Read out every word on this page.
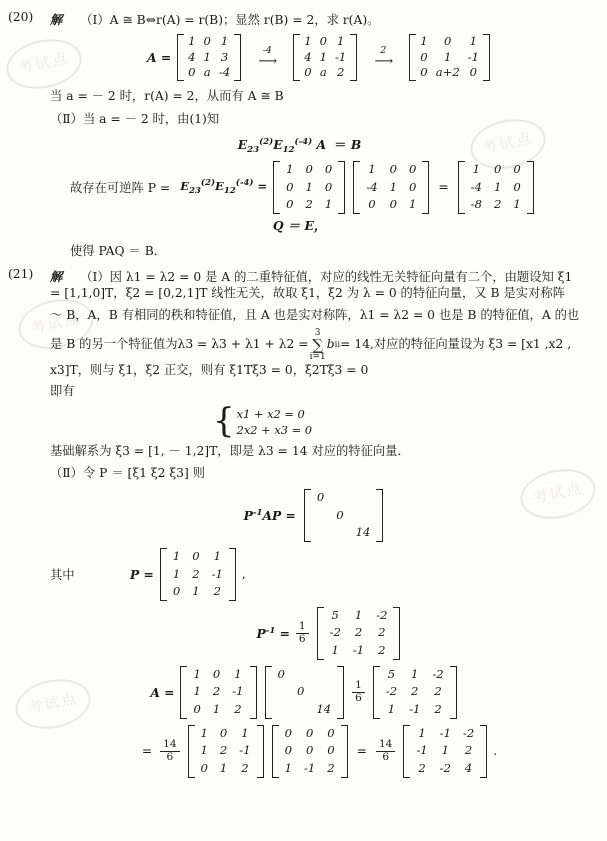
考试点
考试点
考试点
考试点
考试点
(20)	解 （Ⅰ）A ≅ B⇔r(A) = r(B)；显然 r(B) = 2，求 r(A)。
A =
1	0	1
4	1	3
0	a	-4
-4
⟶
1	0	1
4	1	-1
0	a	2
2
⟶
1	0	1
0	1	-1
0	a+2	0

当 a = － 2 时，r(A) = 2，从而有 A ≅ B

（Ⅱ）当 a = － 2 时，由(1)知

$E_{23}^{(2)}E_{12}^{(-4)}$ A  ＝ B
故存在可逆阵 $P = E_{23}^{(2)}E_{12}^{(-4)}$ =
1	0	0
0	1	0
0	2	1
1	0	0
-4	1	0
0	0	1
=
1	0	0
-4	1	0
-8	2	1
Q ＝ E，

使得 PAQ ＝ B．

(21)	解 （Ⅰ）因 λ1 = λ2 = 0 是 A 的二重特征值，对应的线性无关特征向量有二个，由题设知 ξ1

= [1,1,0]T，ξ2 = [0,2,1]T 线性无关，故取 ξ1，ξ2 为 λ = 0 的特征向量，又 B 是实对称阵

～ B，A，B 有相同的秩和特征值，且 A 也是实对称阵，λ1 = λ2 = 0 也是 B 的特征值，A 的也

是 B 的另一个特征值为λ3 = λ3 + λ1 + λ2 =
3
∑
i=1
b ii = 14,对应的特征向量设为 ξ3 = [x1 ,x2 ,

x3]T，则与 ξ1，ξ2 正交，则有 ξ1Tξ3 = 0，ξ2Tξ3 = 0

即有

{ x1 + x2 = 0
2x2 + x3 = 0

基础解系为 ξ3 = [1, － 1,2]T，即是 λ3 = 14 对应的特征向量．

（Ⅱ）令 P ＝ [ξ1 ξ2 ξ3] 则

$P^{-1}AP$ =
0		
	0	
		14
其中	P =
1	0	1
1	2	-1
0	1	2
,
$P^{-1} = \frac{1}{6}$
5	1	-2
-2	2	2
1	-1	2
A =
1	0	1
1	2	-1
0	1	2
0		
	0	
		14
$\frac{1}{6}$
5	1	-2
-2	2	2
1	-1	2
= $\frac{14}{6}$
1	0	1
1	2	-1
0	1	2
0	0	0
0	0	0
1	-1	2
= $\frac{14}{6}$
1	-1	-2
-1	1	2
2	-2	4
.
